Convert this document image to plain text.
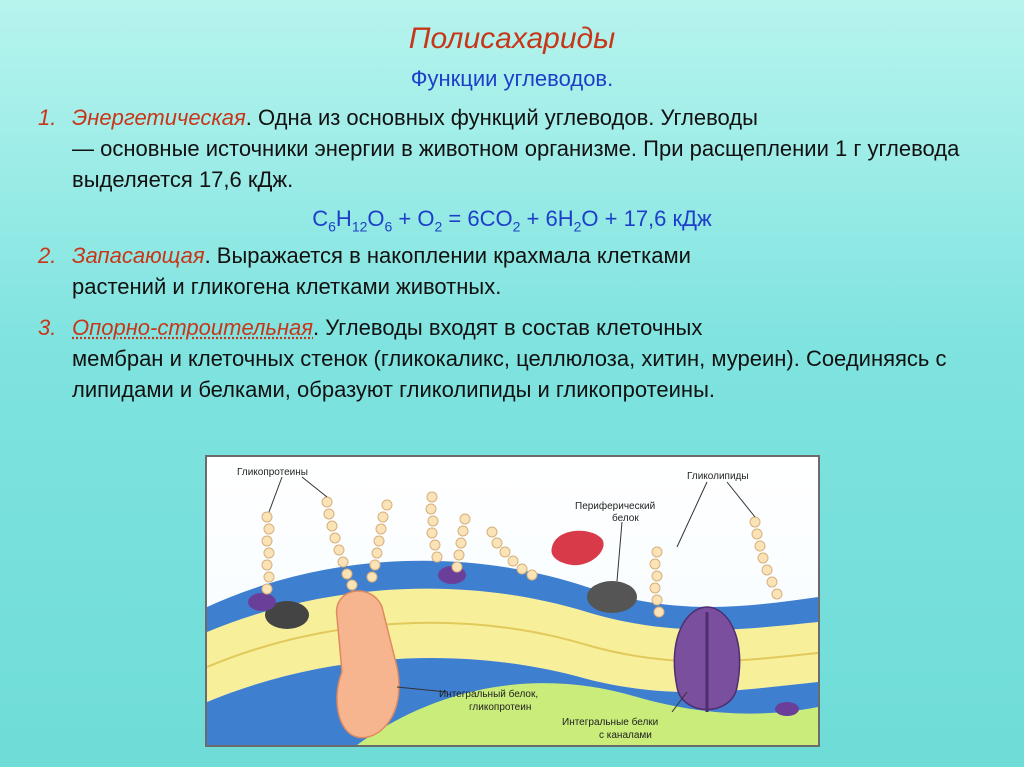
Полисахариды
Функции углеводов.
1. Энергетическая. Одна из основных функций углеводов. Углеводы
— основные источники энергии в животном организме. При расщеплении 1 г углевода выделяется 17,6 кДж.
$C_6H_{12}O_6 + O_2 = 6CO_2 + 6H_2O + 17,6$ кДж
2. Запасающая. Выражается в накоплении крахмала клетками
растений и гликогена клетками животных.
3. Опорно-строительная. Углеводы входят в состав клеточных
мембран и клеточных стенок (гликокаликс, целлюлоза, хитин, муреин). Соединяясь с липидами и белками, образуют гликолипиды и гликопротеины.
Гликопротеины	Гликолипиды
Периферический
белок
Интегральный белок,
гликопротеин
Интегральные белки
с каналами
